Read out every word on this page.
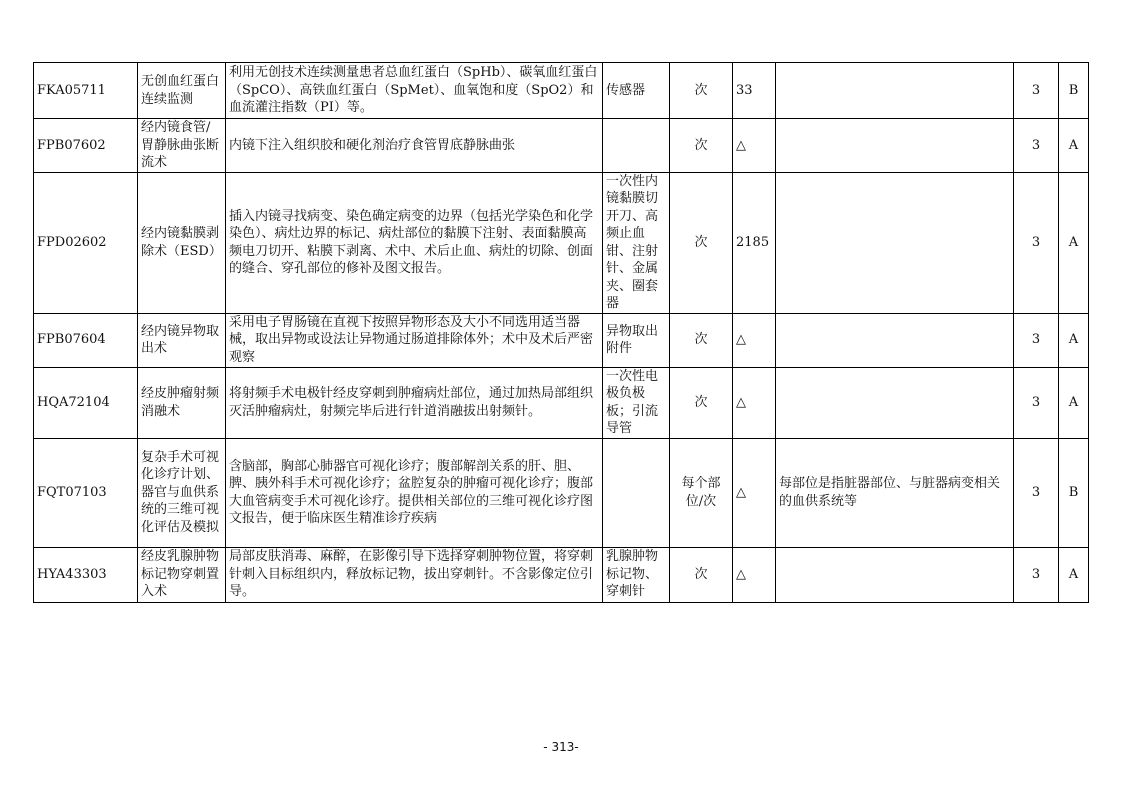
FKA05711	无创血红蛋白连续监测	利用无创技术连续测量患者总血红蛋白（SpHb）、碳氧血红蛋白（SpCO）、高铁血红蛋白（SpMet）、血氧饱和度（SpO2）和血流灌注指数（PI）等。	传感器	次	33		3	B
FPB07602	经内镜食管/胃静脉曲张断流术	内镜下注入组织胶和硬化剂治疗食管胃底静脉曲张		次	△		3	A
FPD02602	经内镜黏膜剥除术（ESD）	插入内镜寻找病变、染色确定病变的边界（包括光学染色和化学染色）、病灶边界的标记、病灶部位的黏膜下注射、表面黏膜高频电刀切开、粘膜下剥离、术中、术后止血、病灶的切除、创面的缝合、穿孔部位的修补及图文报告。	一次性内镜黏膜切开刀、高频止血钳、注射针、金属夹、圈套器	次	2185		3	A
FPB07604	经内镜异物取出术	采用电子胃肠镜在直视下按照异物形态及大小不同选用适当器械，取出异物或设法让异物通过肠道排除体外；术中及术后严密观察	异物取出附件	次	△		3	A
HQA72104	经皮肿瘤射频消融术	将射频手术电极针经皮穿刺到肿瘤病灶部位，通过加热局部组织灭活肿瘤病灶，射频完毕后进行针道消融拔出射频针。	一次性电极负极板；引流导管	次	△		3	A
FQT07103	复杂手术可视化诊疗计划、器官与血供系统的三维可视化评估及模拟	含脑部，胸部心肺器官可视化诊疗；腹部解剖关系的肝、胆、脾、胰外科手术可视化诊疗；盆腔复杂的肿瘤可视化诊疗；腹部大血管病变手术可视化诊疗。提供相关部位的三维可视化诊疗图文报告，便于临床医生精准诊疗疾病		每个部位/次	△	每部位是指脏器部位、与脏器病变相关的血供系统等	3	B
HYA43303	经皮乳腺肿物标记物穿刺置入术	局部皮肤消毒、麻醉，在影像引导下选择穿刺肿物位置，将穿刺针刺入目标组织内，释放标记物，拔出穿刺针。不含影像定位引导。	乳腺肿物标记物、穿刺针	次	△		3	A
- 313-
